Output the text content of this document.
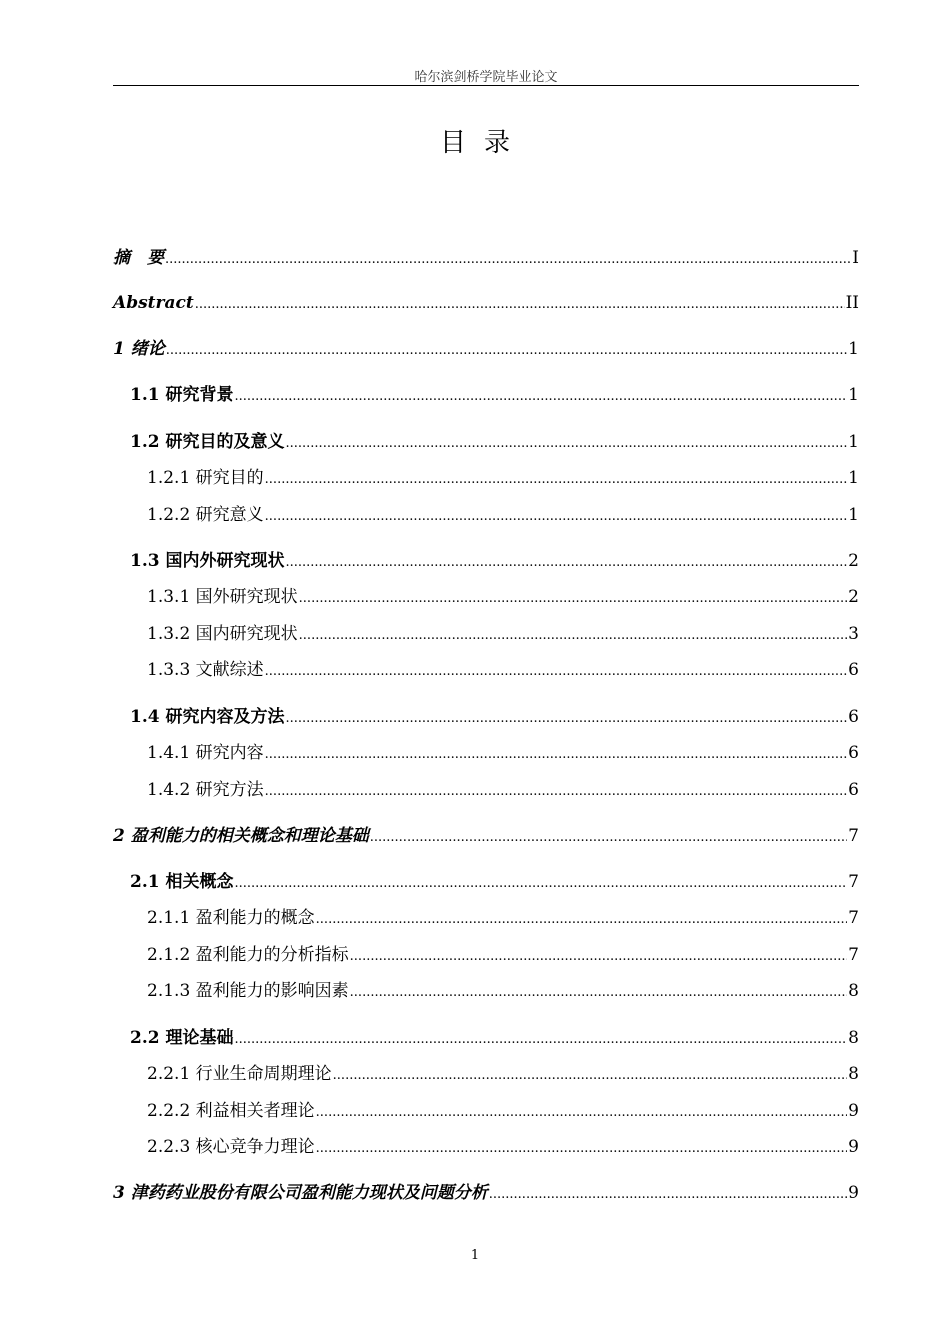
哈尔滨剑桥学院毕业论文
目录
摘　要 .....	I
Abstract .....	II
1 绪论 .....	1
1.1 研究背景 .....	1
1.2 研究目的及意义 .....	1
1.2.1 研究目的 .....	1
1.2.2 研究意义 .....	1
1.3 国内外研究现状 .....	2
1.3.1 国外研究现状 .....	2
1.3.2 国内研究现状 .....	3
1.3.3 文献综述 .....	6
1.4 研究内容及方法 .....	6
1.4.1 研究内容 .....	6
1.4.2 研究方法 .....	6
2 盈利能力的相关概念和理论基础 .....	7
2.1 相关概念 .....	7
2.1.1 盈利能力的概念 .....	7
2.1.2 盈利能力的分析指标 .....	7
2.1.3 盈利能力的影响因素 .....	8
2.2 理论基础 .....	8
2.2.1 行业生命周期理论 .....	8
2.2.2 利益相关者理论 .....	9
2.2.3 核心竞争力理论 .....	9
3 津药药业股份有限公司盈利能力现状及问题分析 .....	9
1
